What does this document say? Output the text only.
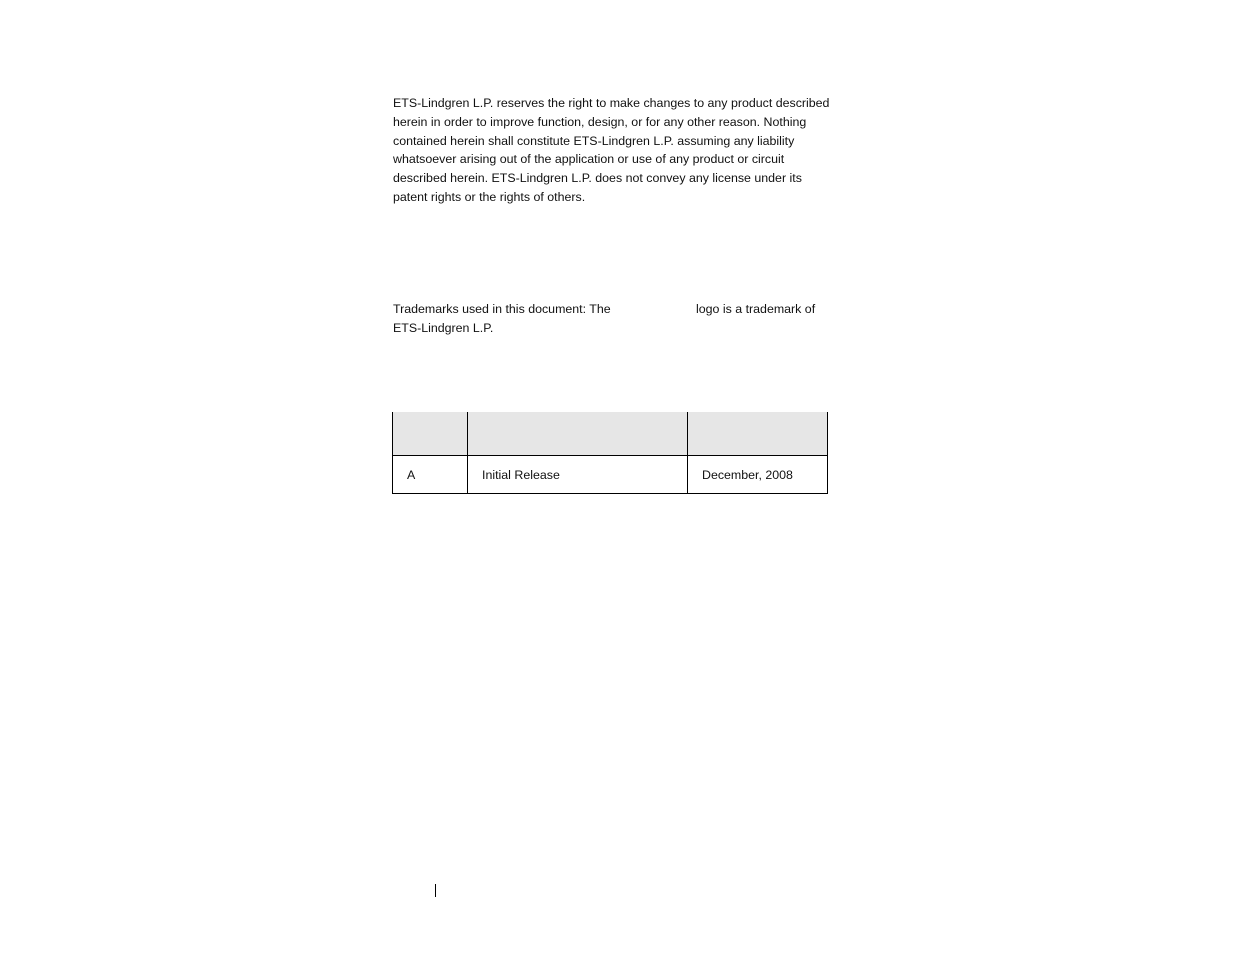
ETS-Lindgren L.P. reserves the right to make changes to any product described herein in order to improve function, design, or for any other reason. Nothing contained herein shall constitute ETS-Lindgren L.P. assuming any liability whatsoever arising out of the application or use of any product or circuit described herein. ETS-Lindgren L.P. does not convey any license under its patent rights or the rights of others.

Trademarks used in this document: The	logo is a trademark of
ETS-Lindgren L.P.

A	Initial Release	December, 2008
